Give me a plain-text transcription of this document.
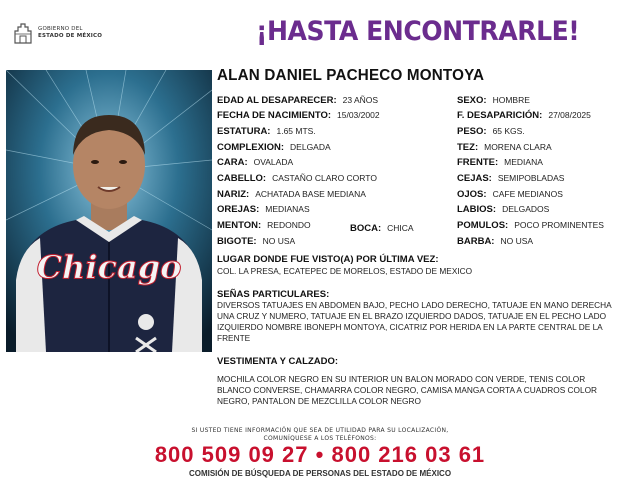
GOBIERNO DEL
ESTADO DE MÉXICO	¡HASTA ENCONTRARLE!
Chicago
ALAN DANIEL PACHECO MONTOYA
EDAD AL DESAPARECER: 23 AÑOS
FECHA DE NACIMIENTO: 15/03/2002
ESTATURA: 1.65 MTS.
COMPLEXION: DELGADA
CARA: OVALADA
CABELLO: CASTAÑO CLARO CORTO
NARIZ: ACHATADA BASE MEDIANA
OREJAS: MEDIANAS
MENTON: REDONDO	BOCA: CHICA
BIGOTE: NO USA
SEXO: HOMBRE
F. DESAPARICIÓN: 27/08/2025
PESO: 65 KGS.
TEZ: MORENA CLARA
FRENTE: MEDIANA
CEJAS: SEMIPOBLADAS
OJOS: CAFE MEDIANOS
LABIOS: DELGADOS
POMULOS: POCO PROMINENTES
BARBA: NO USA
LUGAR DONDE FUE VISTO(A) POR ÚLTIMA VEZ:
COL. LA PRESA, ECATEPEC DE MORELOS, ESTADO DE MEXICO
SEÑAS PARTICULARES:
DIVERSOS TATUAJES EN ABDOMEN BAJO, PECHO LADO DERECHO, TATUAJE EN MANO DERECHA UNA CRUZ Y NUMERO, TATUAJE EN EL BRAZO IZQUIERDO DADOS, TATUAJE EN EL PECHO LADO IZQUIERDO NOMBRE IBONEPH MONTOYA, CICATRIZ POR HERIDA EN LA PARTE CENTRAL DE LA FRENTE
VESTIMENTA Y CALZADO:
MOCHILA COLOR NEGRO EN SU INTERIOR UN BALON MORADO CON VERDE, TENIS COLOR BLANCO CONVERSE, CHAMARRA COLOR NEGRO, CAMISA MANGA CORTA A CUADROS COLOR NEGRO, PANTALON DE MEZCLILLA COLOR NEGRO
SI USTED TIENE INFORMACIÓN QUE SEA DE UTILIDAD PARA SU LOCALIZACIÓN,
COMUNÍQUESE A LOS TELÉFONOS:
800 509 09 27 • 800 216 03 61
COMISIÓN DE BÚSQUEDA DE PERSONAS DEL ESTADO DE MÉXICO
